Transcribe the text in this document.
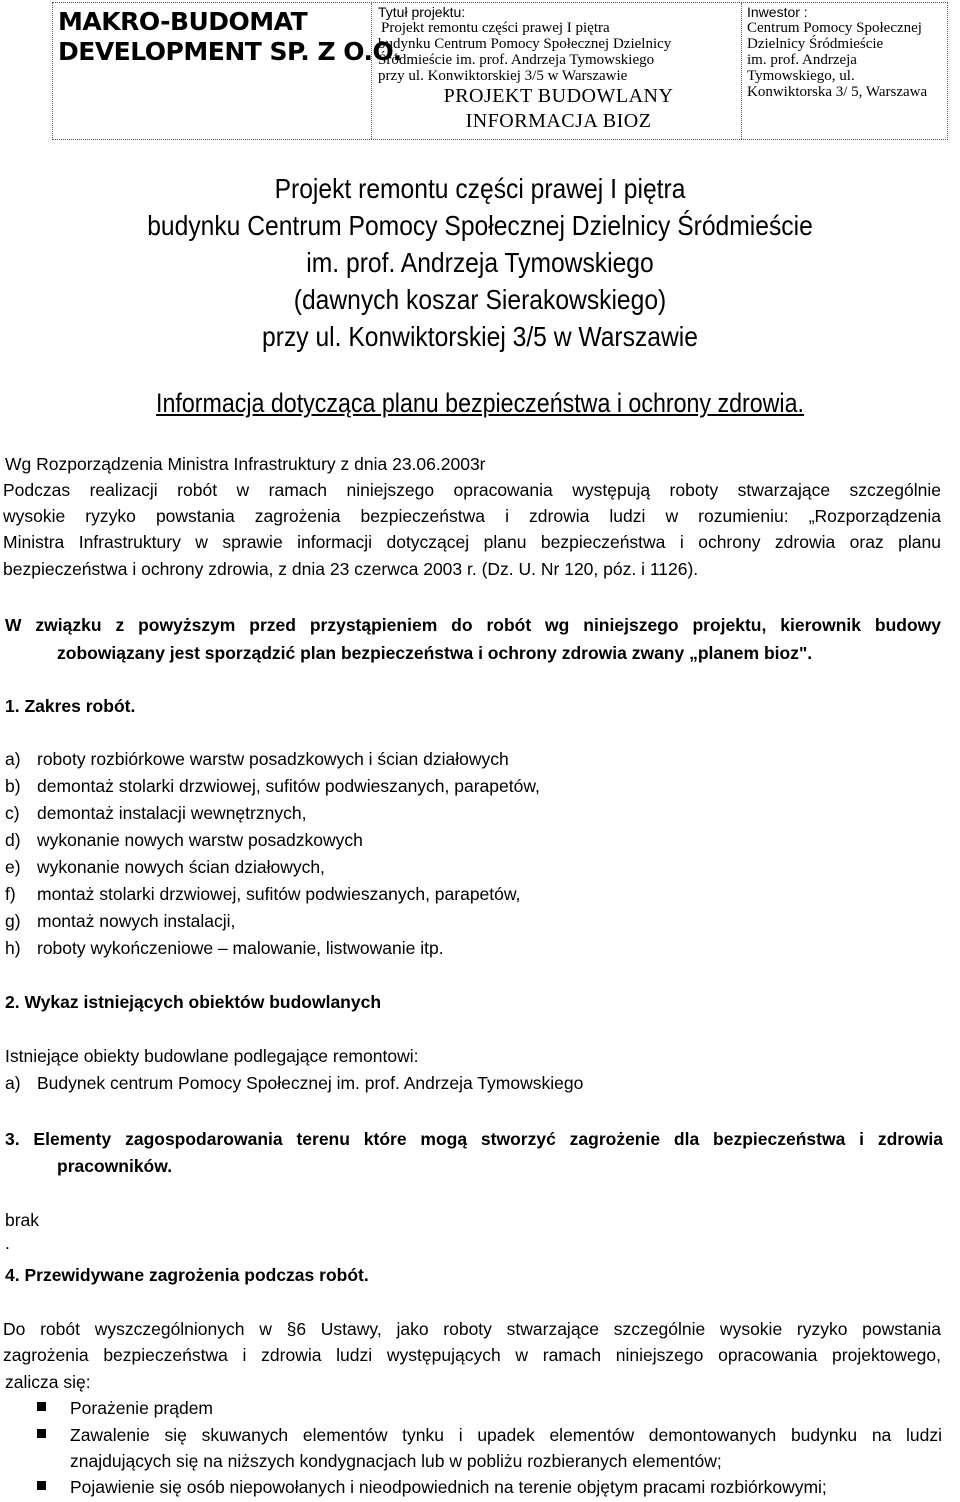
MAKRO-BUDOMAT
DEVELOPMENT SP. Z O.O.
Tytuł projektu:
Projekt remontu części prawej I piętra
budynku Centrum Pomocy Społecznej Dzielnicy
Śródmieście im. prof. Andrzeja Tymowskiego
przy ul. Konwiktorskiej 3/5 w Warszawie
PROJEKT BUDOWLANY
INFORMACJA BIOZ
Inwestor :
Centrum Pomocy Społecznej
Dzielnicy Śródmieście
im. prof. Andrzeja
Tymowskiego, ul.
Konwiktorska 3/ 5, Warszawa
Projekt remontu części prawej I piętra
budynku Centrum Pomocy Społecznej Dzielnicy Śródmieście
im. prof. Andrzeja Tymowskiego
(dawnych koszar Sierakowskiego)
przy ul. Konwiktorskiej 3/5 w Warszawie
Informacja dotycząca planu bezpieczeństwa i ochrony zdrowia.
Wg Rozporządzenia Ministra Infrastruktury z dnia 23.06.2003r
Podczas realizacji robót w ramach niniejszego opracowania występują roboty stwarzające szczególnie
wysokie ryzyko powstania zagrożenia bezpieczeństwa i zdrowia ludzi w rozumieniu: „Rozporządzenia
Ministra Infrastruktury w sprawie informacji dotyczącej planu bezpieczeństwa i ochrony zdrowia oraz planu
bezpieczeństwa i ochrony zdrowia, z dnia 23 czerwca 2003 r. (Dz. U. Nr 120, póz. i 1126).
W związku z powyższym przed przystąpieniem do robót wg niniejszego projektu, kierownik budowy
zobowiązany jest sporządzić plan bezpieczeństwa i ochrony zdrowia zwany „planem bioz".
1. Zakres robót.
a) roboty rozbiórkowe warstw posadzkowych i ścian działowych
b) demontaż stolarki drzwiowej, sufitów podwieszanych, parapetów,
c) demontaż instalacji wewnętrznych,
d) wykonanie nowych warstw posadzkowych
e) wykonanie nowych ścian działowych,
f) montaż stolarki drzwiowej, sufitów podwieszanych, parapetów,
g) montaż nowych instalacji,
h) roboty wykończeniowe – malowanie, listwowanie itp.
2. Wykaz istniejących obiektów budowlanych
Istniejące obiekty budowlane podlegające remontowi:
a) Budynek centrum Pomocy Społecznej im. prof. Andrzeja Tymowskiego
3. Elementy zagospodarowania terenu które mogą stworzyć zagrożenie dla bezpieczeństwa i zdrowia
pracowników.
brak
.
4. Przewidywane zagrożenia podczas robót.
Do robót wyszczególnionych w §6 Ustawy, jako roboty stwarzające szczególnie wysokie ryzyko powstania
zagrożenia bezpieczeństwa i zdrowia ludzi występujących w ramach niniejszego opracowania projektowego,
zalicza się:
Porażenie prądem
Zawalenie się skuwanych elementów tynku i upadek elementów demontowanych budynku na ludzi
znajdujących się na niższych kondygnacjach lub w pobliżu rozbieranych elementów;
Pojawienie się osób niepowołanych i nieodpowiednich na terenie objętym pracami rozbiórkowymi;
